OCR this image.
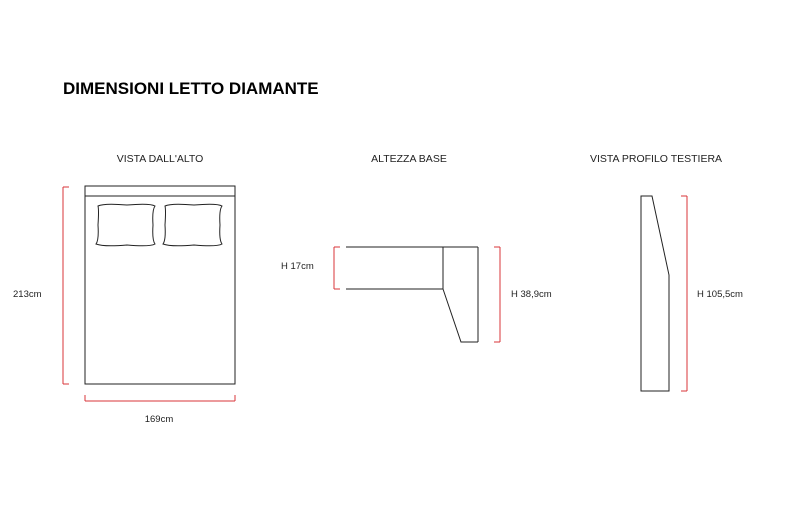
DIMENSIONI LETTO DIAMANTE
VISTA DALL'ALTO
213cm
169cm
ALTEZZA BASE
H 17cm
H 38,9cm
VISTA PROFILO TESTIERA
H 105,5cm
